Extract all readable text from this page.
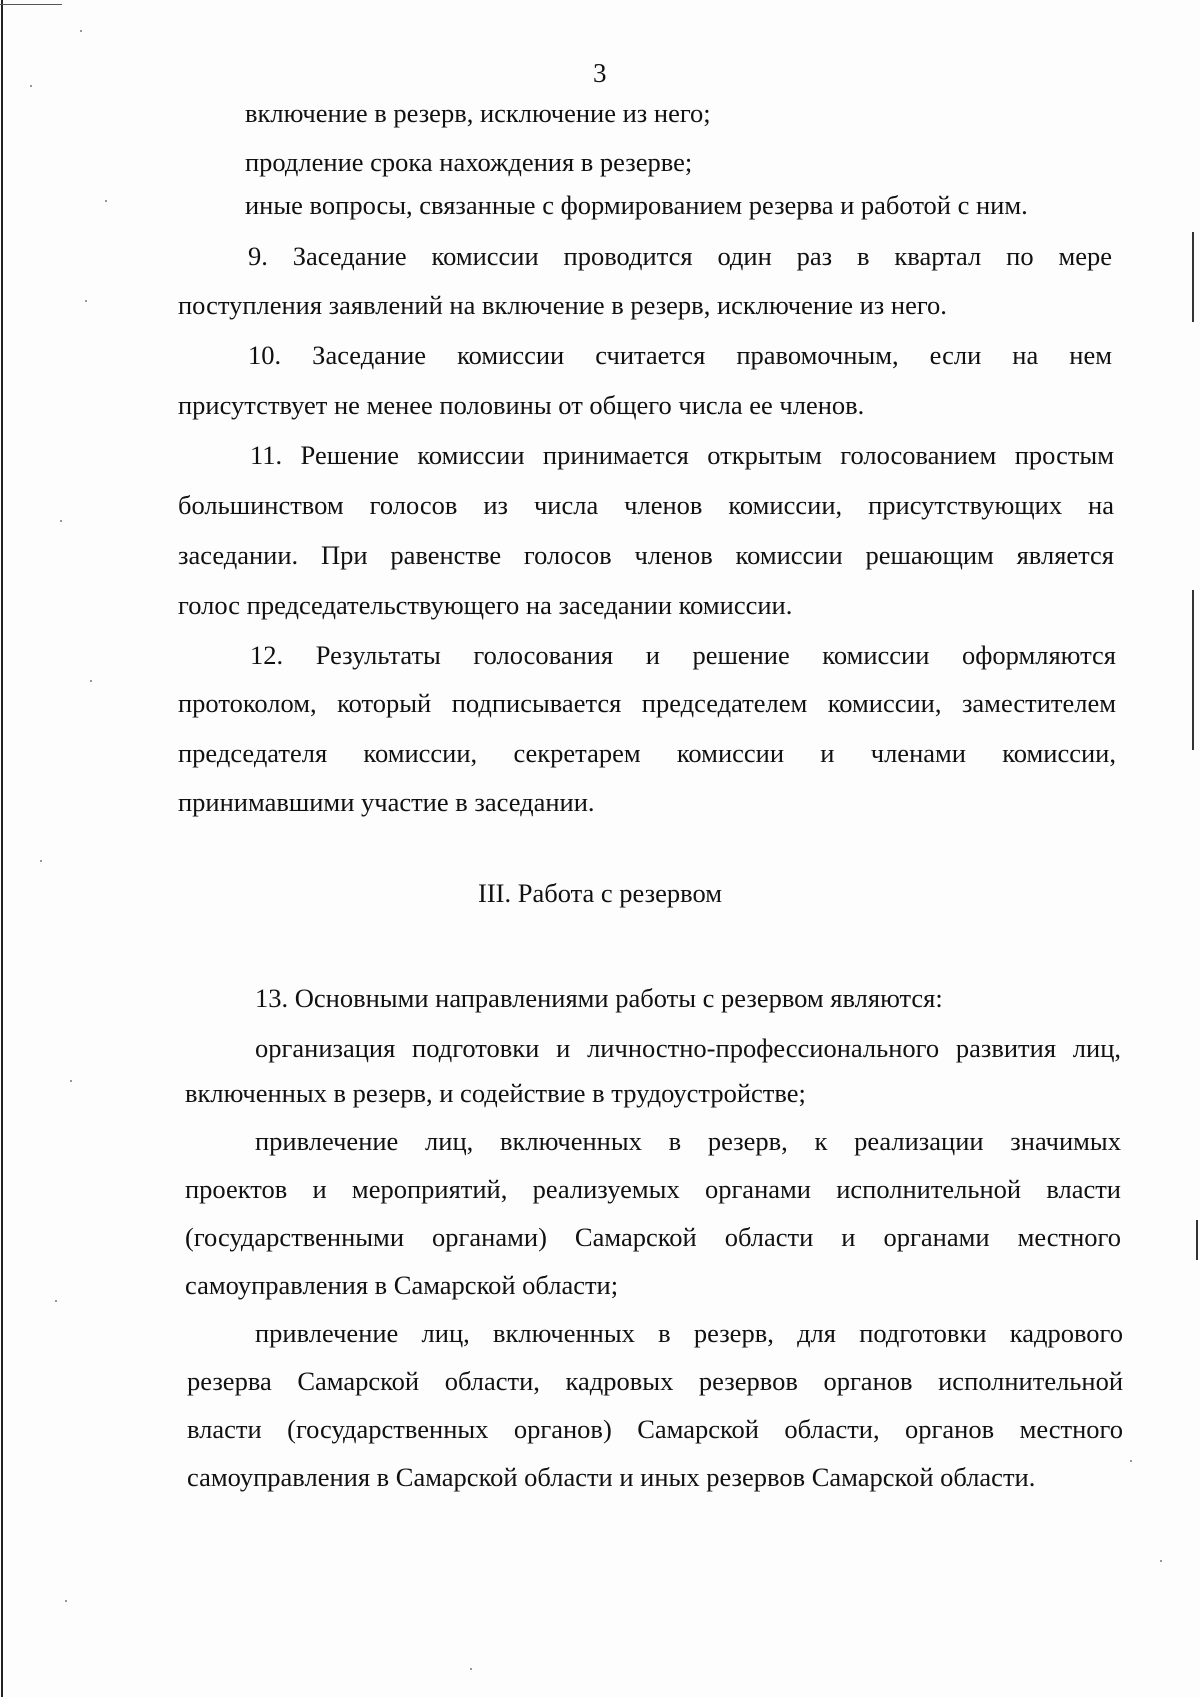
3
включение в резерв, исключение из него;
продление срока нахождения в резерве;
иные вопросы, связанные с формированием резерва и работой с ним.
9. Заседание комиссии проводится один раз в квартал по мере
поступления заявлений на включение в резерв, исключение из него.
10. Заседание комиссии считается правомочным, если на нем
присутствует не менее половины от общего числа ее членов.
11. Решение комиссии принимается открытым голосованием простым
большинством голосов из числа членов комиссии, присутствующих на
заседании. При равенстве голосов членов комиссии решающим является
голос председательствующего на заседании комиссии.
12. Результаты голосования и решение комиссии оформляются
протоколом, который подписывается председателем комиссии, заместителем
председателя комиссии, секретарем комиссии и членами комиссии,
принимавшими участие в заседании.
III. Работа с резервом
13. Основными направлениями работы с резервом являются:
организация подготовки и личностно-профессионального развития лиц,
включенных в резерв, и содействие в трудоустройстве;
привлечение лиц, включенных в резерв, к реализации значимых
проектов и мероприятий, реализуемых органами исполнительной власти
(государственными органами) Самарской области и органами местного
самоуправления в Самарской области;
привлечение лиц, включенных в резерв, для подготовки кадрового
резерва Самарской области, кадровых резервов органов исполнительной
власти (государственных органов) Самарской области, органов местного
самоуправления в Самарской области и иных резервов Самарской области.
